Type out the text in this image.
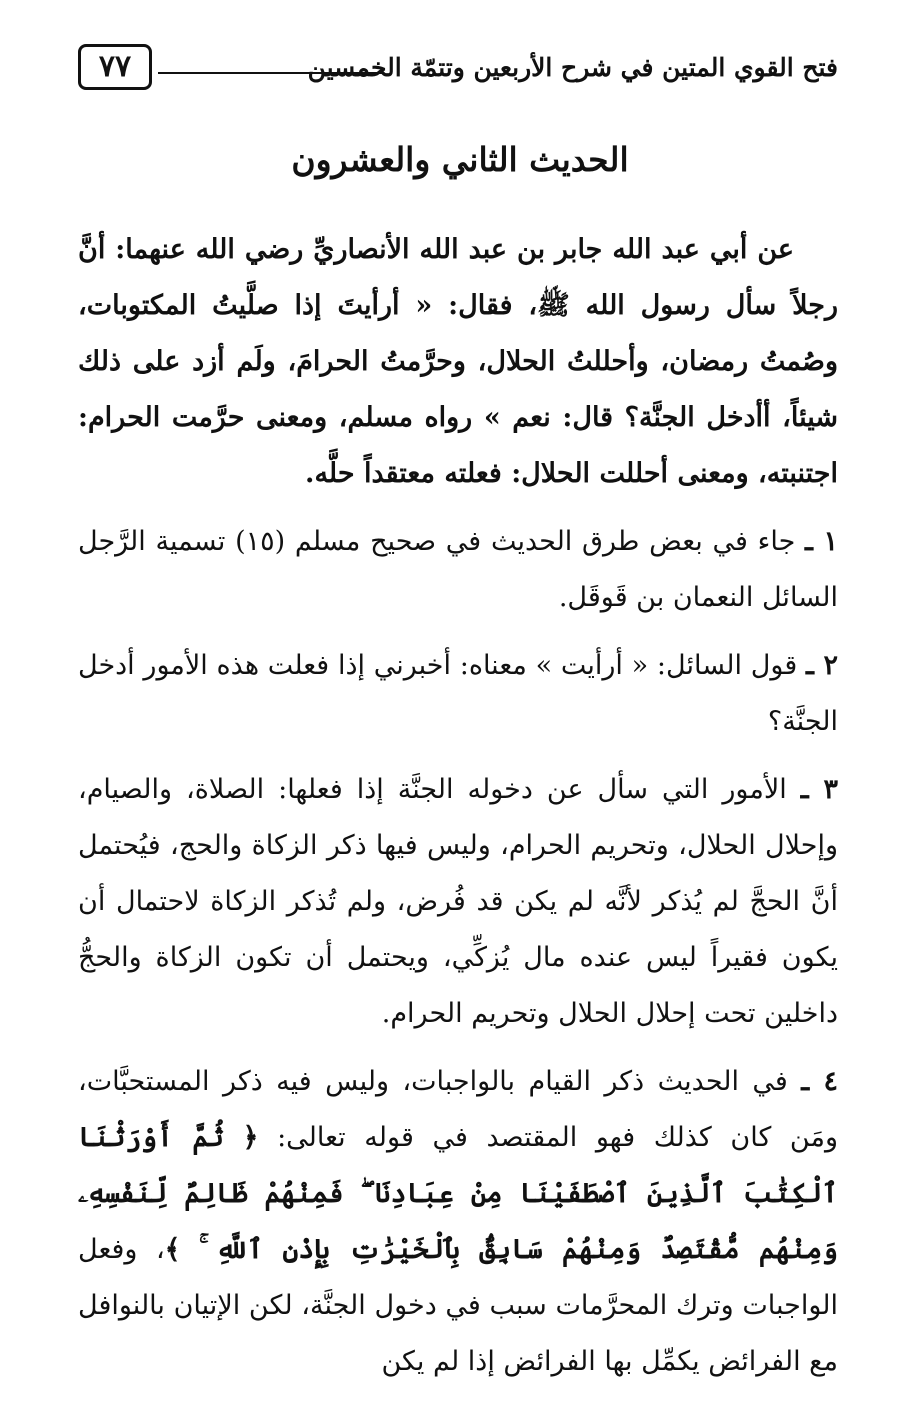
فتح القوي المتين في شرح الأربعين وتتمّة الخمسين
٧٧
الحديث الثاني والعشرون

عن أبي عبد الله جابر بن عبد الله الأنصاريِّ رضي الله عنهما: أنَّ رجلاً سأل رسول الله ﷺ، فقال: « أرأيتَ إذا صلَّيتُ المكتوبات، وصُمتُ رمضان، وأحللتُ الحلال، وحرَّمتُ الحرامَ، ولَم أزد على ذلك شيئاً، أأدخل الجنَّة؟ قال: نعم » رواه مسلم، ومعنى حرَّمت الحرام: اجتنبته، ومعنى أحللت الحلال: فعلته معتقداً حلَّه.

١ ـ جاء في بعض طرق الحديث في صحيح مسلم (١٥) تسمية الرَّجل السائل النعمان بن قَوقَل.

٢ ـ قول السائل: « أرأيت » معناه: أخبرني إذا فعلت هذه الأمور أدخل الجنَّة؟

٣ ـ الأمور التي سأل عن دخوله الجنَّة إذا فعلها: الصلاة، والصيام، وإحلال الحلال، وتحريم الحرام، وليس فيها ذكر الزكاة والحج، فيُحتمل أنَّ الحجَّ لم يُذكر لأنَّه لم يكن قد فُرض، ولم تُذكر الزكاة لاحتمال أن يكون فقيراً ليس عنده مال يُزكِّي، ويحتمل أن تكون الزكاة والحجُّ داخلين تحت إحلال الحلال وتحريم الحرام.

٤ ـ في الحديث ذكر القيام بالواجبات، وليس فيه ذكر المستحبَّات، ومَن كان كذلك فهو المقتصد في قوله تعالى: ﴿ ثُمَّ أَوْرَثْنَا ٱلْكِتَٰبَ ٱلَّذِينَ ٱصْطَفَيْنَا مِنْ عِبَادِنَا ۖ فَمِنْهُمْ ظَالِمٌ لِّنَفْسِهِۦ وَمِنْهُم مُّقْتَصِدٌ وَمِنْهُمْ سَابِقٌۢ بِٱلْخَيْرَٰتِ بِإِذْنِ ٱللَّهِ ۚ ﴾، وفعل الواجبات وترك المحرَّمات سبب في دخول الجنَّة، لكن الإتيان بالنوافل مع الفرائض يكمِّل بها الفرائض إذا لم يكن
